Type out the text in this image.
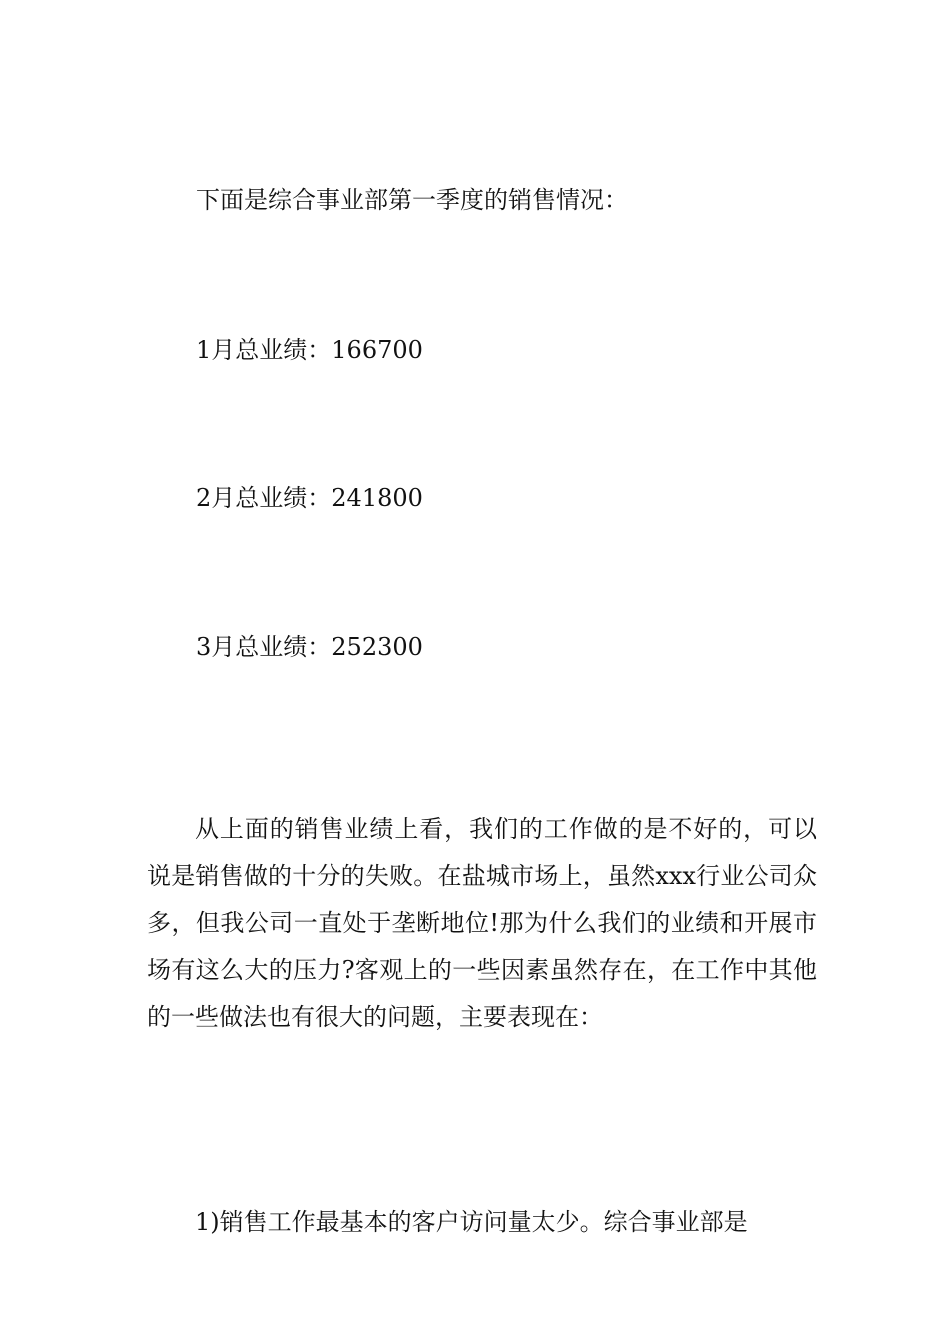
下面是综合事业部第一季度的销售情况：
1月总业绩：166700
2月总业绩：241800
3月总业绩：252300

从上面的销售业绩上看，我们的工作做的是不好的，可以说是销售做的十分的失败。在盐城市场上，虽然xxx行业公司众多，但我公司一直处于垄断地位!那为什么我们的业绩和开展市场有这么大的压力?客观上的一些因素虽然存在，在工作中其他的一些做法也有很大的问题，主要表现在：

1)销售工作最基本的客户访问量太少。综合事业部是
